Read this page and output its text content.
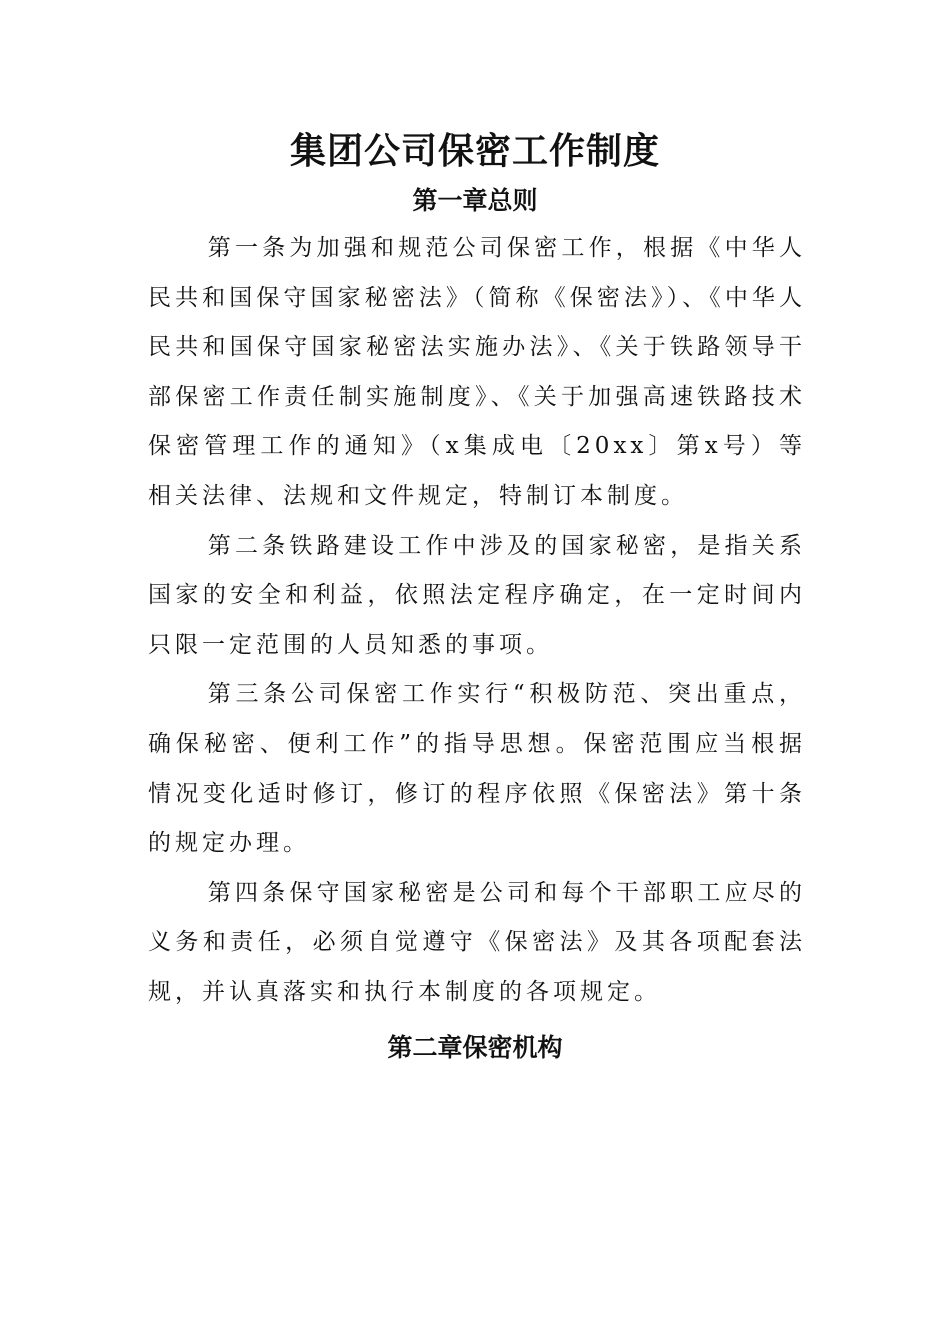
集团公司保密工作制度
第一章总则

第一条为加强和规范公司保密工作，根据《中华人民共和国保守国家秘密法》（简称《保密法》）、《中华人民共和国保守国家秘密法实施办法》、《关于铁路领导干部保密工作责任制实施制度》、《关于加强高速铁路技术保密管理工作的通知》（x集成电〔20xx〕第x号）等相关法律、法规和文件规定，特制订本制度。

第二条铁路建设工作中涉及的国家秘密，是指关系国家的安全和利益，依照法定程序确定，在一定时间内只限一定范围的人员知悉的事项。

第三条公司保密工作实行“积极防范、突出重点，确保秘密、便利工作”的指导思想。保密范围应当根据情况变化适时修订，修订的程序依照《保密法》第十条的规定办理。

第四条保守国家秘密是公司和每个干部职工应尽的义务和责任，必须自觉遵守《保密法》及其各项配套法规，并认真落实和执行本制度的各项规定。

第二章保密机构
